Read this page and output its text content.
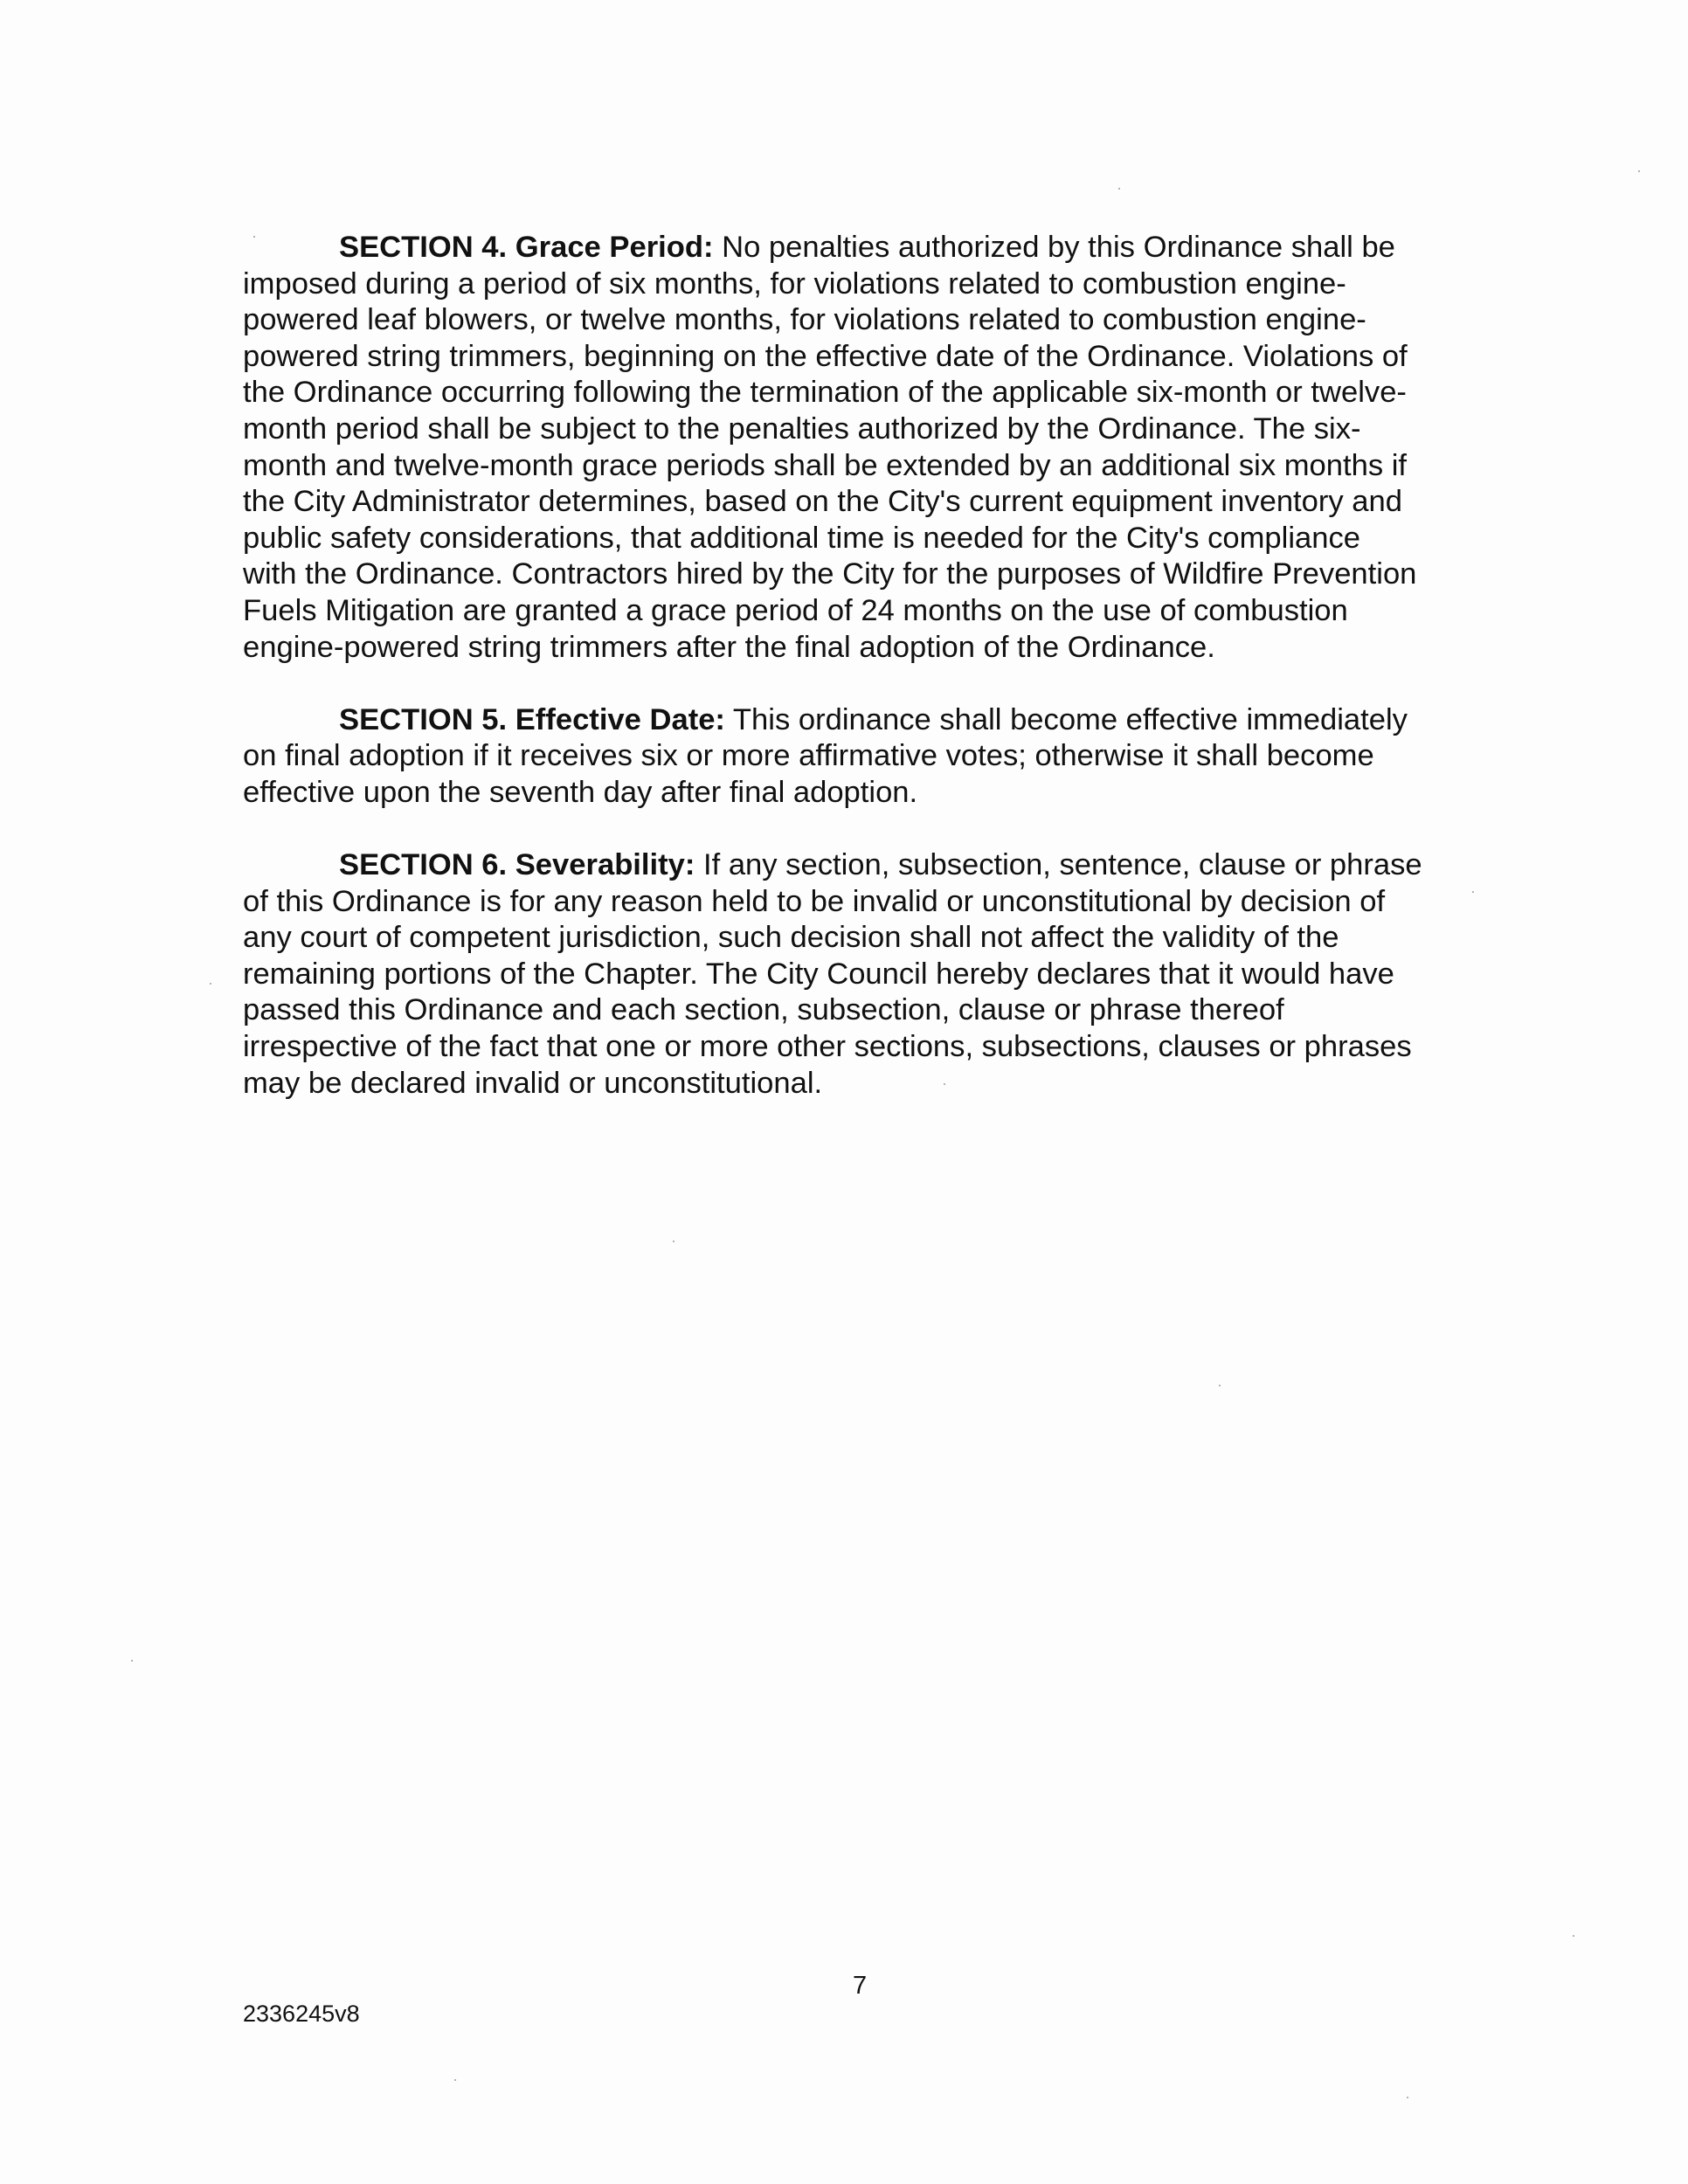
SECTION 4. Grace Period: No penalties authorized by this Ordinance shall be
imposed during a period of six months, for violations related to combustion engine-
powered leaf blowers, or twelve months, for violations related to combustion engine-
powered string trimmers, beginning on the effective date of the Ordinance. Violations of
the Ordinance occurring following the termination of the applicable six-month or twelve-
month period shall be subject to the penalties authorized by the Ordinance. The six-
month and twelve-month grace periods shall be extended by an additional six months if
the City Administrator determines, based on the City's current equipment inventory and
public safety considerations, that additional time is needed for the City's compliance
with the Ordinance. Contractors hired by the City for the purposes of Wildfire Prevention
Fuels Mitigation are granted a grace period of 24 months on the use of combustion
engine-powered string trimmers after the final adoption of the Ordinance.
SECTION 5. Effective Date: This ordinance shall become effective immediately
on final adoption if it receives six or more affirmative votes; otherwise it shall become
effective upon the seventh day after final adoption.
SECTION 6. Severability: If any section, subsection, sentence, clause or phrase
of this Ordinance is for any reason held to be invalid or unconstitutional by decision of
any court of competent jurisdiction, such decision shall not affect the validity of the
remaining portions of the Chapter. The City Council hereby declares that it would have
passed this Ordinance and each section, subsection, clause or phrase thereof
irrespective of the fact that one or more other sections, subsections, clauses or phrases
may be declared invalid or unconstitutional.
7
2336245v8
